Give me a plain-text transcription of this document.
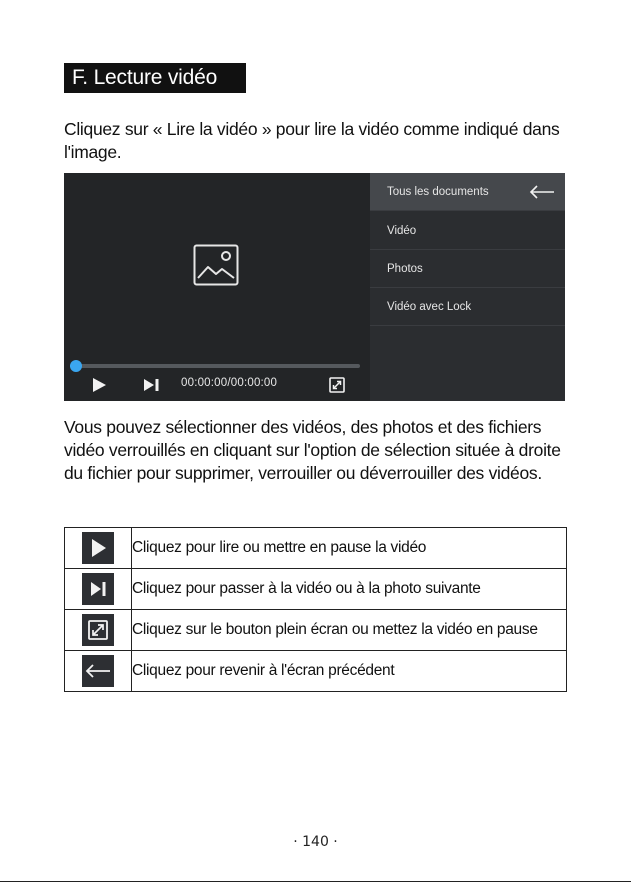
F. Lecture vidéo

Cliquez sur « Lire la vidéo » pour lire la vidéo comme indiqué dans l'image.

00:00:00/00:00:00
Tous les documents
Vidéo
Photos
Vidéo avec Lock

Vous pouvez sélectionner des vidéos, des photos et des fichiers vidéo verrouillés en cliquant sur l'option de sélection située à droite du fichier pour supprimer, verrouiller ou déverrouiller des vidéos.

	Cliquez pour lire ou mettre en pause la vidéo

	Cliquez pour passer à la vidéo ou à la photo suivante

	Cliquez sur le bouton plein écran ou mettez la vidéo en pause

	Cliquez pour revenir à l'écran précédent
· 140 ·
